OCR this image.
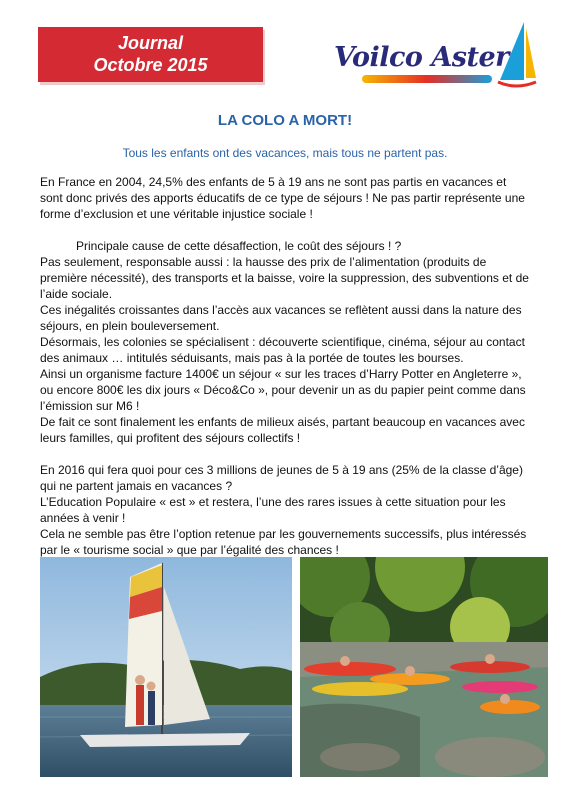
Journal
Octobre 2015	Voilco Aster
LA COLO A MORT!
Tous les enfants ont des vacances, mais tous ne partent pas.

En France en 2004, 24,5% des enfants de 5 à 19 ans ne sont pas partis en vacances et sont donc privés des apports éducatifs de ce type de séjours ! Ne pas partir représente une forme d’exclusion et une véritable injustice sociale !

Principale cause de cette désaffection, le coût des séjours ! ?

Pas seulement, responsable aussi : la hausse des prix de l’alimentation (produits de première nécessité), des transports et la baisse, voire la suppression, des subventions et de l’aide sociale.

Ces inégalités croissantes dans l’accès aux vacances se reflètent aussi dans la nature des séjours, en plein bouleversement.

Désormais, les colonies se spécialisent : découverte scientifique, cinéma, séjour au contact des animaux … intitulés séduisants, mais pas à la portée de toutes les bourses.

Ainsi un organisme facture 1400€ un séjour « sur les traces d’Harry Potter en Angleterre », ou encore 800€ les dix jours « Déco&Co », pour devenir un as du papier peint comme dans l’émission sur M6 !

De fait ce sont finalement les enfants de milieux aisés, partant beaucoup en vacances avec leurs familles, qui profitent des séjours collectifs !

En 2016 qui fera quoi pour ces 3 millions de jeunes de 5 à 19 ans (25% de la classe d’âge) qui ne partent jamais en vacances ?

L’Education Populaire « est » et restera, l’une des rares issues à cette situation pour les années à venir !

Cela ne semble pas être l’option retenue par les gouvernements successifs, plus intéressés par le « tourisme social » que par l’égalité des chances !
